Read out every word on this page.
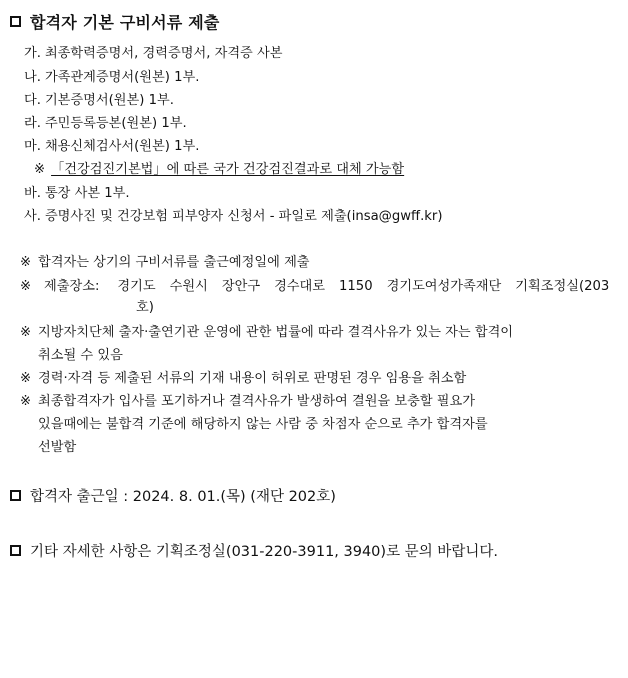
합격자 기본 구비서류 제출
가. 최종학력증명서, 경력증명서, 자격증 사본
나. 가족관계증명서(원본) 1부.
다. 기본증명서(원본) 1부.
라. 주민등록등본(원본) 1부.
마. 채용신체검사서(원본) 1부.
※ 「건강검진기본법」에 따른 국가 건강검진결과로 대체 가능함
바. 통장 사본 1부.
사. 증명사진 및 건강보험 피부양자 신청서 - 파일로 제출(insa@gwff.kr)
※ 합격자는 상기의 구비서류를 출근예정일에 제출
※ 제출장소: 경기도 수원시 장안구 경수대로 1150 경기도여성가족재단 기획조정실(203
호)
※ 지방자치단체 출자·출연기관 운영에 관한 법률에 따라 결격사유가 있는 자는 합격이
취소될 수 있음
※ 경력·자격 등 제출된 서류의 기재 내용이 허위로 판명된 경우 임용을 취소함
※ 최종합격자가 입사를 포기하거나 결격사유가 발생하여 결원을 보충할 필요가
있을때에는 불합격 기준에 해당하지 않는 사람 중 차점자 순으로 추가 합격자를
선발함
합격자 출근일 : 2024. 8. 01.(목) (재단 202호)
기타 자세한 사항은 기획조정실(031-220-3911, 3940)로 문의 바랍니다.
